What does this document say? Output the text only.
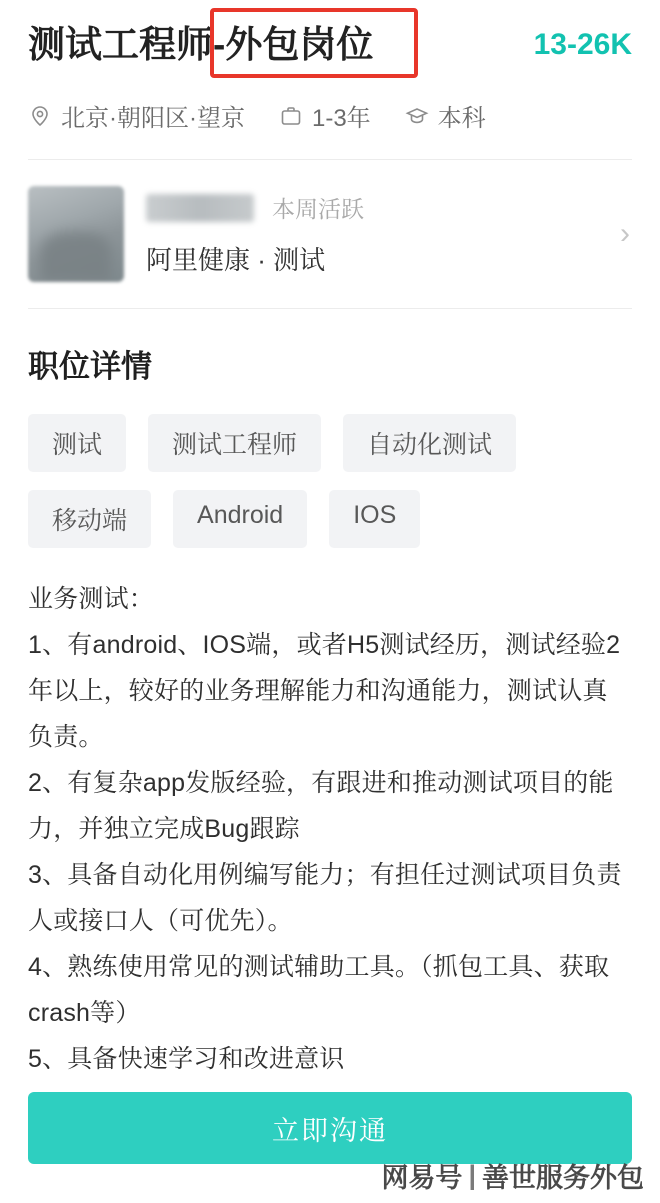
测试工程师-外包岗位	13-26K
北京·朝阳区·望京	1-3年	本科
本周活跃
阿里健康 · 测试
›
职位详情
测试	测试工程师	自动化测试
移动端	Android	IOS

业务测试：

1、有android、IOS端，或者H5测试经历，测试经验2年以上，较好的业务理解能力和沟通能力，测试认真负责。

2、有复杂app发版经验，有跟进和推动测试项目的能力，并独立完成Bug跟踪

3、具备自动化用例编写能力；有担任过测试项目负责人或接口人（可优先）。

4、熟练使用常见的测试辅助工具。（抓包工具、获取crash等）

5、具备快速学习和改进意识

立即沟通
网易号 | 善世服务外包
